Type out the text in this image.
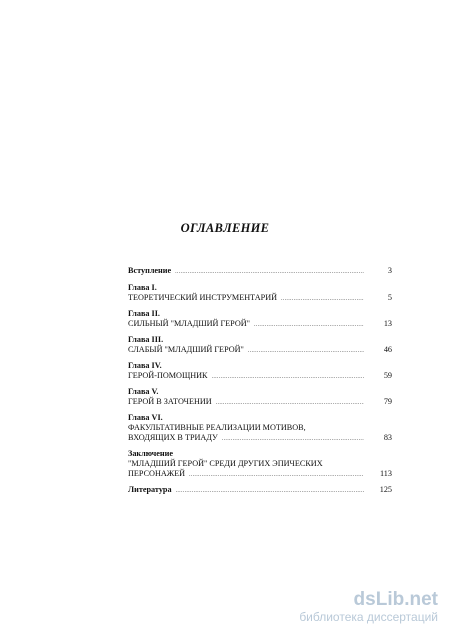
ОГЛАВЛЕНИЕ
Вступление . . .	3
Глава I.
ТЕОРЕТИЧЕСКИЙ ИНСТРУМЕНТАРИЙ . . .	5
Глава II.
СИЛЬНЫЙ "МЛАДШИЙ ГЕРОЙ" . . .	13
Глава III.
СЛАБЫЙ "МЛАДШИЙ ГЕРОЙ" . . .	46
Глава IV.
ГЕРОЙ-ПОМОЩНИК . . .	59
Глава V.
ГЕРОЙ В ЗАТОЧЕНИИ . . .	79
Глава VI.
ФАКУЛЬТАТИВНЫЕ РЕАЛИЗАЦИИ МОТИВОВ,
ВХОДЯЩИХ В ТРИАДУ . . .	83
Заключение
"МЛАДШИЙ ГЕРОЙ" СРЕДИ ДРУГИХ ЭПИЧЕСКИХ
ПЕРСОНАЖЕЙ . . .	113
Литература . . .	125
dsLib.net
библиотека диссертаций
